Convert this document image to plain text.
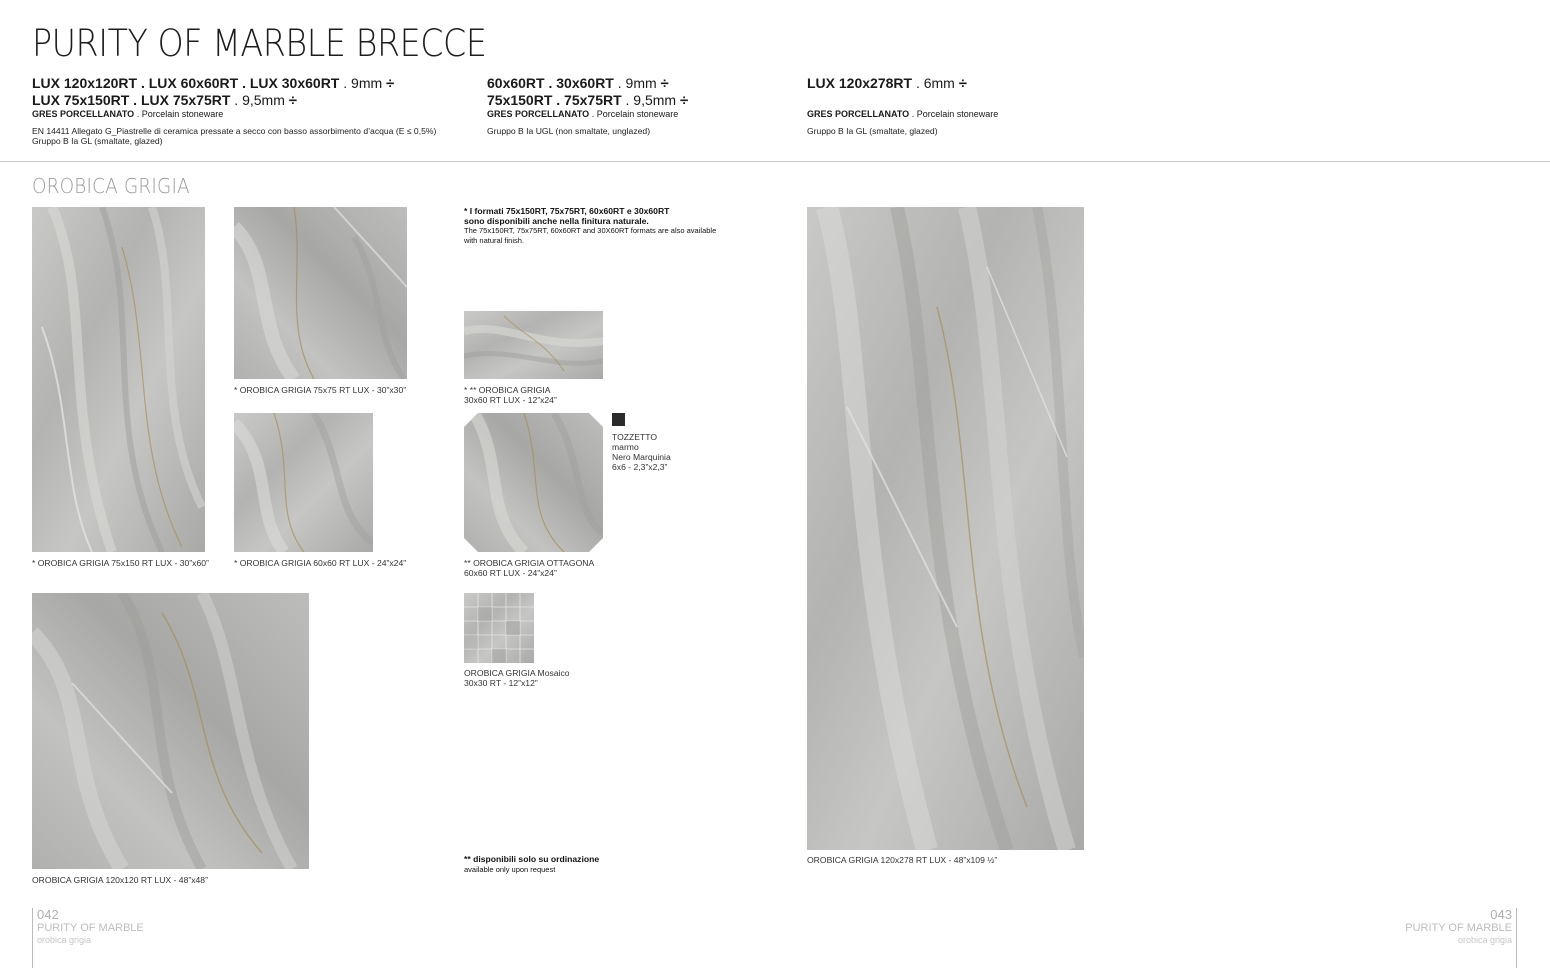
PURITY OF MARBLE BRECCE
LUX 120x120RT . LUX 60x60RT . LUX 30x60RT . 9mm ÷
LUX 75x150RT . LUX 75x75RT . 9,5mm ÷
GRES PORCELLANATO . Porcelain stoneware
EN 14411 Allegato G_Piastrelle di ceramica pressate a secco con basso assorbimento d’acqua (E ≤ 0,5%)
Gruppo B Ia GL (smaltate, glazed)
60x60RT . 30x60RT . 9mm ÷
75x150RT . 75x75RT . 9,5mm ÷
GRES PORCELLANATO . Porcelain stoneware
Gruppo B Ia UGL (non smaltate, unglazed)
LUX 120x278RT . 6mm ÷
GRES PORCELLANATO . Porcelain stoneware
Gruppo B Ia GL (smaltate, glazed)
OROBICA GRIGIA
* OROBICA GRIGIA 75x150 RT LUX - 30”x60”
* OROBICA GRIGIA 75x75 RT LUX - 30”x30”
* OROBICA GRIGIA 60x60 RT LUX - 24”x24”
OROBICA GRIGIA 120x120 RT LUX - 48”x48”
* I formati 75x150RT, 75x75RT, 60x60RT e 30x60RT
sono disponibili anche nella finitura naturale.
The 75x150RT, 75x75RT, 60x60RT and 30X60RT formats are also available
with natural finish.
* ** OROBICA GRIGIA
30x60 RT LUX - 12”x24”
** OROBICA GRIGIA OTTAGONA
60x60 RT LUX - 24”x24”
TOZZETTO
marmo
Nero Marquinia
6x6 - 2,3”x2,3”
OROBICA GRIGIA Mosaico
30x30 RT - 12”x12”
** disponibili solo su ordinazione
available only upon request
OROBICA GRIGIA 120x278 RT LUX - 48”x109 ½”
042
PURITY OF MARBLE
orobica grigia
043
PURITY OF MARBLE
orobica grigia
